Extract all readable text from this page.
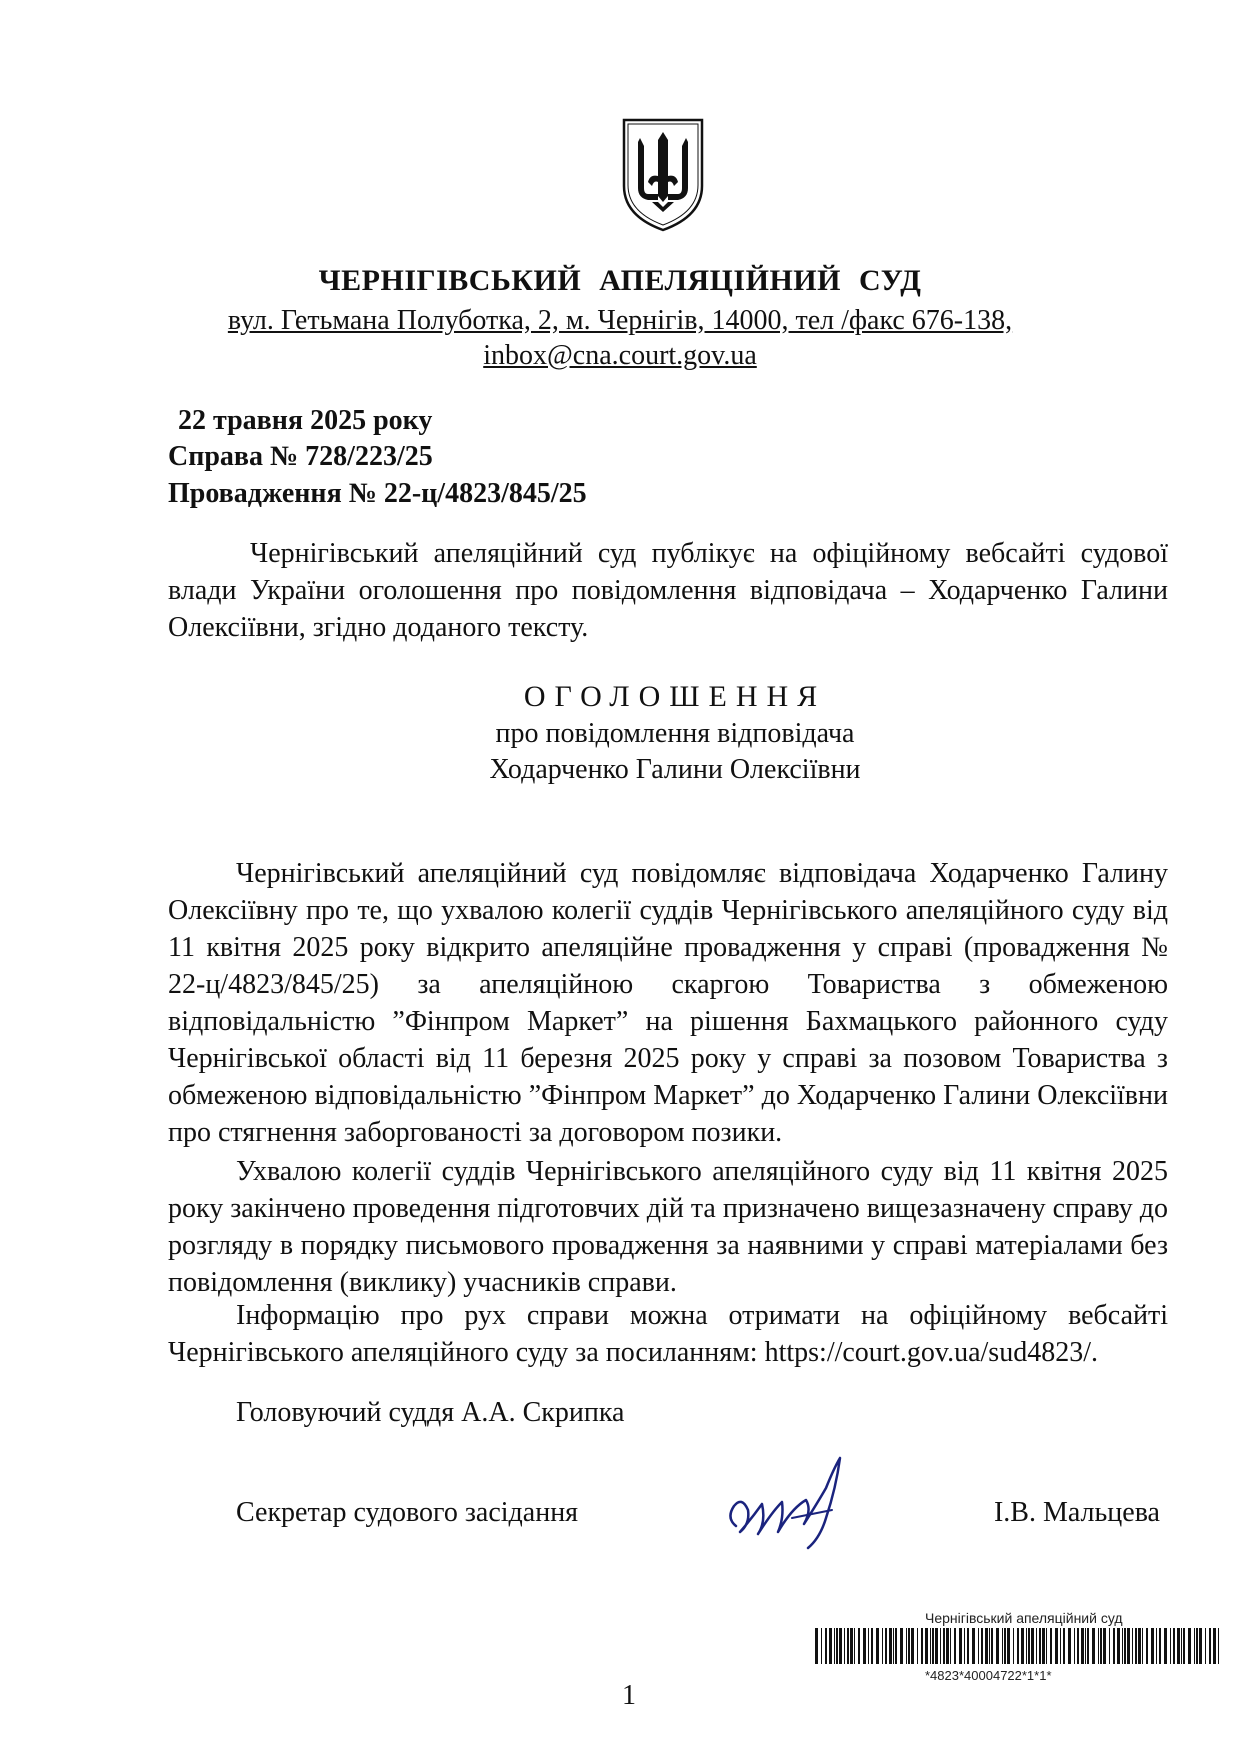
ЧЕРНІГІВСЬКИЙ АПЕЛЯЦІЙНИЙ СУД
вул. Гетьмана Полуботка, 2, м. Чернігів, 14000, тел /факс 676-138,
inbox@cna.court.gov.ua
22 травня 2025 року
Справа № 728/223/25
Провадження № 22-ц/4823/845/25
Чернігівський апеляційний суд публікує на офіційному вебсайті судової влади України оголошення про повідомлення відповідача – Ходарченко Галини Олексіївни, згідно доданого тексту.
ОГОЛОШЕННЯ
про повідомлення відповідача
Ходарченко Галини Олексіївни
Чернігівський апеляційний суд повідомляє відповідача Ходарченко Галину Олексіївну про те, що ухвалою колегії суддів Чернігівського апеляційного суду від 11 квітня 2025 року відкрито апеляційне провадження у справі (провадження № 22-ц/4823/845/25) за апеляційною скаргою Товариства з обмеженою відповідальністю ”Фінпром Маркет” на рішення Бахмацького районного суду Чернігівської області від 11 березня 2025 року у справі за позовом Товариства з обмеженою відповідальністю ”Фінпром Маркет” до Ходарченко Галини Олексіївни про стягнення заборгованості за договором позики.
Ухвалою колегії суддів Чернігівського апеляційного суду від 11 квітня 2025 року закінчено проведення підготовчих дій та призначено вищезазначену справу до розгляду в порядку письмового провадження за наявними у справі матеріалами без повідомлення (виклику) учасників справи.
Інформацію про рух справи можна отримати на офіційному вебсайті Чернігівського апеляційного суду за посиланням: https://court.gov.ua/sud4823/.
Головуючий суддя А.А. Скрипка
Секретар судового засідання	І.В. Мальцева
Чернігівський апеляційний суд
*4823*40004722*1*1*
1
